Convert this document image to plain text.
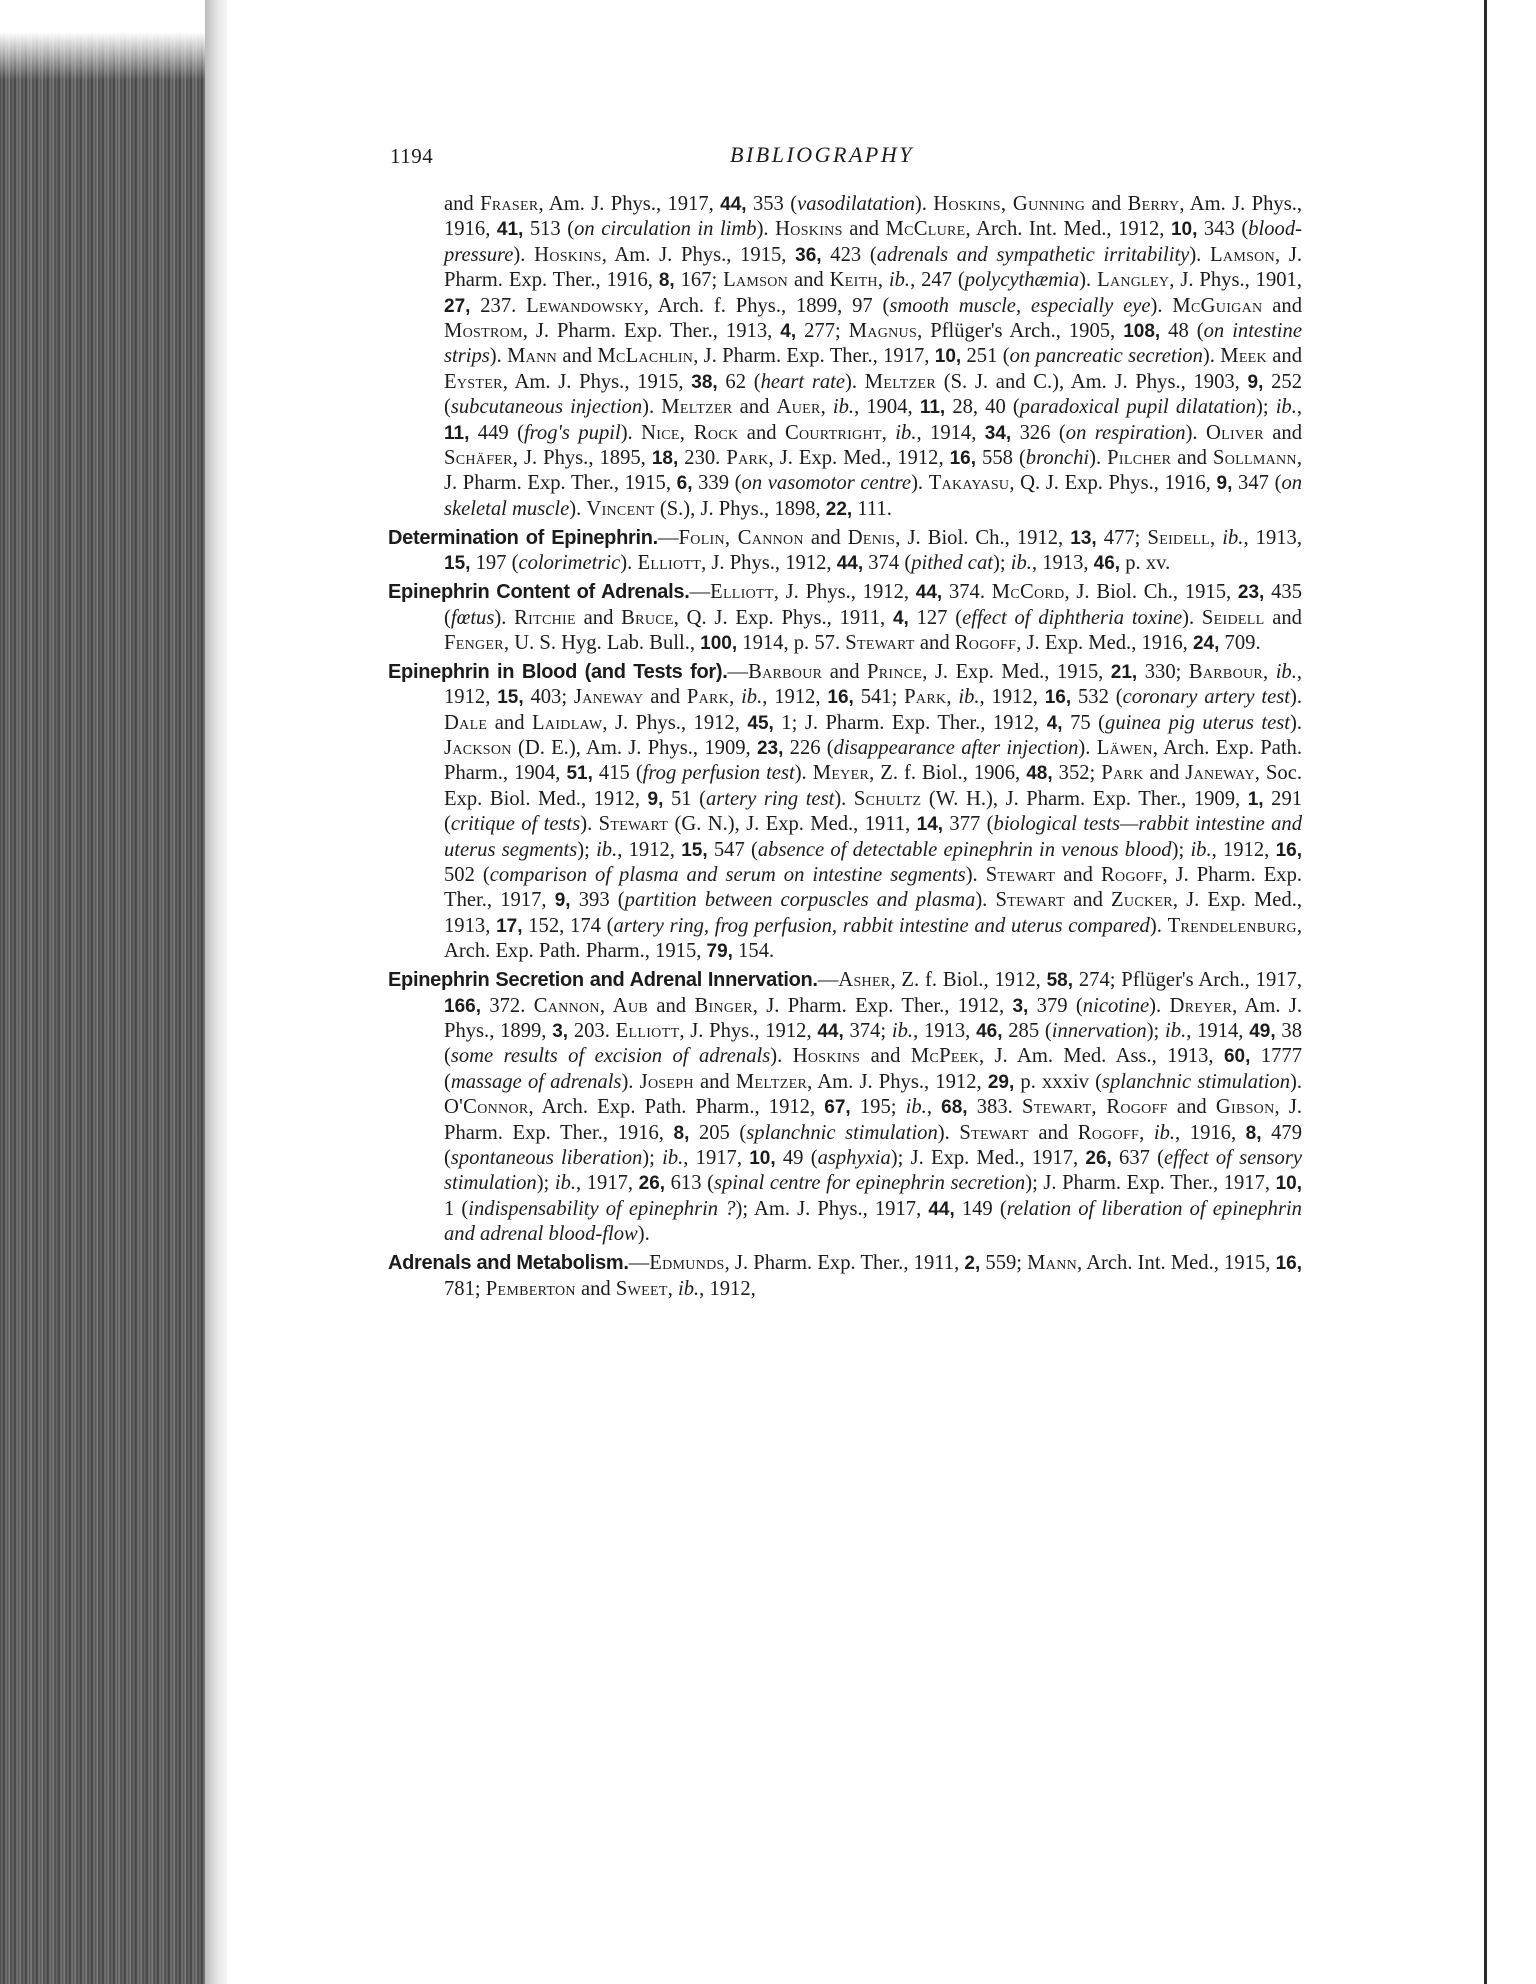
1194	BIBLIOGRAPHY
and Fraser, Am. J. Phys., 1917, 44, 353 (vasodilatation). Hoskins, Gunning and Berry, Am. J. Phys., 1916, 41, 513 (on circulation in limb). Hoskins and McClure, Arch. Int. Med., 1912, 10, 343 (blood-pressure). Hoskins, Am. J. Phys., 1915, 36, 423 (adrenals and sympathetic irritability). Lamson, J. Pharm. Exp. Ther., 1916, 8, 167; Lamson and Keith, ib., 247 (polycythæmia). Langley, J. Phys., 1901, 27, 237. Lewandowsky, Arch. f. Phys., 1899, 97 (smooth muscle, especially eye). McGuigan and Mostrom, J. Pharm. Exp. Ther., 1913, 4, 277; Magnus, Pflüger's Arch., 1905, 108, 48 (on intestine strips). Mann and McLachlin, J. Pharm. Exp. Ther., 1917, 10, 251 (on pancreatic secretion). Meek and Eyster, Am. J. Phys., 1915, 38, 62 (heart rate). Meltzer (S. J. and C.), Am. J. Phys., 1903, 9, 252 (subcutaneous injection). Meltzer and Auer, ib., 1904, 11, 28, 40 (paradoxical pupil dilatation); ib., 11, 449 (frog's pupil). Nice, Rock and Courtright, ib., 1914, 34, 326 (on respiration). Oliver and Schäfer, J. Phys., 1895, 18, 230. Park, J. Exp. Med., 1912, 16, 558 (bronchi). Pilcher and Sollmann, J. Pharm. Exp. Ther., 1915, 6, 339 (on vasomotor centre). Takayasu, Q. J. Exp. Phys., 1916, 9, 347 (on skeletal muscle). Vincent (S.), J. Phys., 1898, 22, 111.
Determination of Epinephrin.—Folin, Cannon and Denis, J. Biol. Ch., 1912, 13, 477; Seidell, ib., 1913, 15, 197 (colorimetric). Elliott, J. Phys., 1912, 44, 374 (pithed cat); ib., 1913, 46, p. xv.
Epinephrin Content of Adrenals.—Elliott, J. Phys., 1912, 44, 374. McCord, J. Biol. Ch., 1915, 23, 435 (fœtus). Ritchie and Bruce, Q. J. Exp. Phys., 1911, 4, 127 (effect of diphtheria toxine). Seidell and Fenger, U. S. Hyg. Lab. Bull., 100, 1914, p. 57. Stewart and Rogoff, J. Exp. Med., 1916, 24, 709.
Epinephrin in Blood (and Tests for).—Barbour and Prince, J. Exp. Med., 1915, 21, 330; Barbour, ib., 1912, 15, 403; Janeway and Park, ib., 1912, 16, 541; Park, ib., 1912, 16, 532 (coronary artery test). Dale and Laidlaw, J. Phys., 1912, 45, 1; J. Pharm. Exp. Ther., 1912, 4, 75 (guinea pig uterus test). Jackson (D. E.), Am. J. Phys., 1909, 23, 226 (disappearance after injection). Läwen, Arch. Exp. Path. Pharm., 1904, 51, 415 (frog perfusion test). Meyer, Z. f. Biol., 1906, 48, 352; Park and Janeway, Soc. Exp. Biol. Med., 1912, 9, 51 (artery ring test). Schultz (W. H.), J. Pharm. Exp. Ther., 1909, 1, 291 (critique of tests). Stewart (G. N.), J. Exp. Med., 1911, 14, 377 (biological tests—rabbit intestine and uterus segments); ib., 1912, 15, 547 (absence of detectable epinephrin in venous blood); ib., 1912, 16, 502 (comparison of plasma and serum on intestine segments). Stewart and Rogoff, J. Pharm. Exp. Ther., 1917, 9, 393 (partition between corpuscles and plasma). Stewart and Zucker, J. Exp. Med., 1913, 17, 152, 174 (artery ring, frog perfusion, rabbit intestine and uterus compared). Trendelenburg, Arch. Exp. Path. Pharm., 1915, 79, 154.
Epinephrin Secretion and Adrenal Innervation.—Asher, Z. f. Biol., 1912, 58, 274; Pflüger's Arch., 1917, 166, 372. Cannon, Aub and Binger, J. Pharm. Exp. Ther., 1912, 3, 379 (nicotine). Dreyer, Am. J. Phys., 1899, 3, 203. Elliott, J. Phys., 1912, 44, 374; ib., 1913, 46, 285 (innervation); ib., 1914, 49, 38 (some results of excision of adrenals). Hoskins and McPeek, J. Am. Med. Ass., 1913, 60, 1777 (massage of adrenals). Joseph and Meltzer, Am. J. Phys., 1912, 29, p. xxxiv (splanchnic stimulation). O'Connor, Arch. Exp. Path. Pharm., 1912, 67, 195; ib., 68, 383. Stewart, Rogoff and Gibson, J. Pharm. Exp. Ther., 1916, 8, 205 (splanchnic stimulation). Stewart and Rogoff, ib., 1916, 8, 479 (spontaneous liberation); ib., 1917, 10, 49 (asphyxia); J. Exp. Med., 1917, 26, 637 (effect of sensory stimulation); ib., 1917, 26, 613 (spinal centre for epinephrin secretion); J. Pharm. Exp. Ther., 1917, 10, 1 (indispensability of epinephrin ?); Am. J. Phys., 1917, 44, 149 (relation of liberation of epinephrin and adrenal blood-flow).
Adrenals and Metabolism.—Edmunds, J. Pharm. Exp. Ther., 1911, 2, 559; Mann, Arch. Int. Med., 1915, 16, 781; Pemberton and Sweet, ib., 1912,
